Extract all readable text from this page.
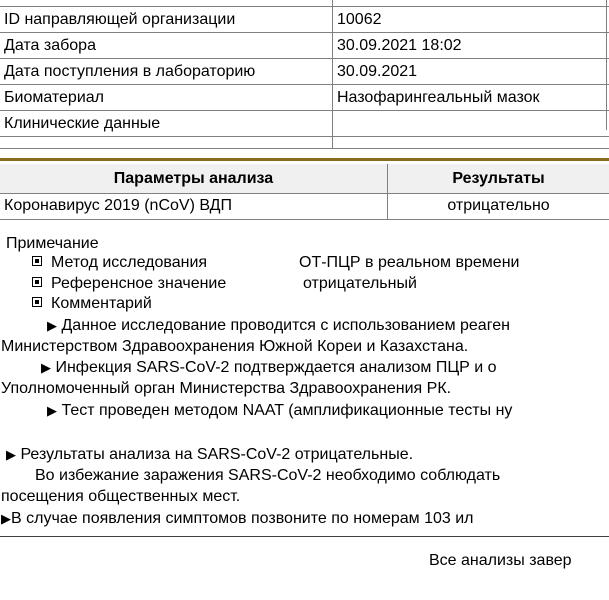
ID направляющей организации	10062
Дата забора	30.09.2021 18:02
Дата поступления в лабораторию	30.09.2021
Биоматериал	Назофарингеальный мазок
Клинические данные
Параметры анализа	Результаты
Коронавирус 2019 (nCoV) ВДП	отрицательно
Примечание
Метод исследования	ОТ-ПЦР в реальном времени
Референсное значение	отрицательный
Комментарий
▶ Данное исследование проводится с использованием реаген
Министерством Здравоохранения Южной Кореи и Казахстана.
▶ Инфекция SARS-CoV-2 подтверждается анализом ПЦР и о
Уполномоченный орган Министерства Здравоохранения РК.
▶ Тест проведен методом NAAT (амплификационные тесты ну
▶ Результаты анализа на SARS-CoV-2 отрицательные.
Во избежание заражения SARS-CoV-2 необходимо соблюдать
посещения общественных мест.
▶В случае появления симптомов позвоните по номерам 103 ил
Все анализы завер
